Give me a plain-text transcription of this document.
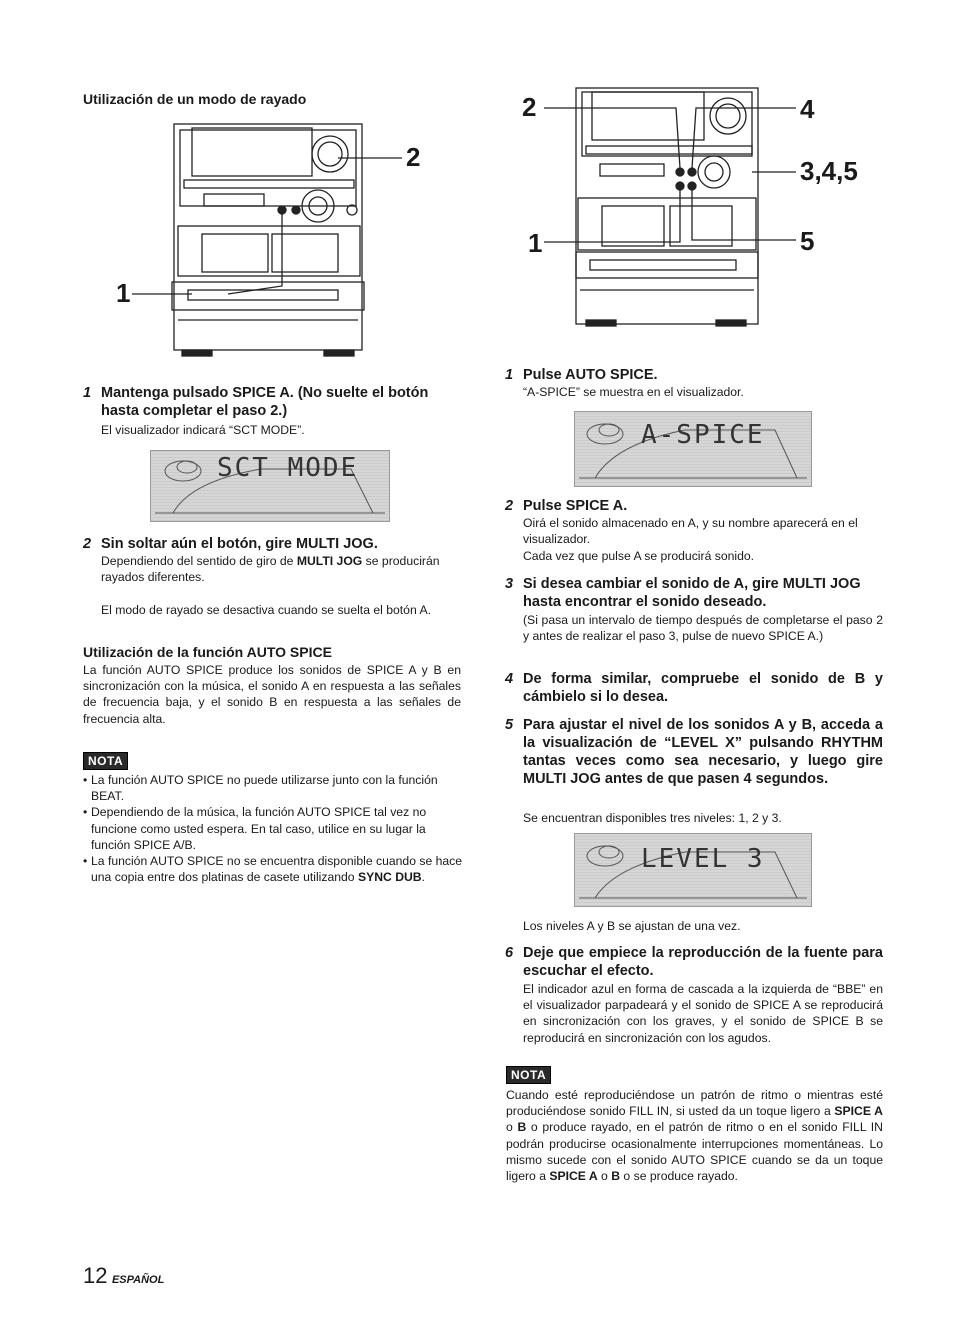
Utilización de un modo de rayado
2
1
1 Mantenga pulsado SPICE A. (No suelte el botón hasta completar el paso 2.)
El visualizador indicará “SCT MODE”.
SCT MODE
2 Sin soltar aún el botón, gire MULTI JOG.
Dependiendo del sentido de giro de MULTI JOG se producirán rayados diferentes.
El modo de rayado se desactiva cuando se suelta el botón A.
Utilización de la función AUTO SPICE
La función AUTO SPICE produce los sonidos de SPICE A y B en sincronización con la música, el sonido A en respuesta a las señales de frecuencia baja, y el sonido B en respuesta a las señales de frecuencia alta.
NOTA
• La función AUTO SPICE no puede utilizarse junto con la función BEAT.
• Dependiendo de la música, la función AUTO SPICE tal vez no funcione como usted espera. En tal caso, utilice en su lugar la función SPICE A/B.
• La función AUTO SPICE no se encuentra disponible cuando se hace una copia entre dos platinas de casete utilizando SYNC DUB.
2	4
3,4,5
1	5
1 Pulse AUTO SPICE.
“A-SPICE” se muestra en el visualizador.
A-SPICE
2 Pulse SPICE A.
Oirá el sonido almacenado en A, y su nombre aparecerá en el visualizador.
Cada vez que pulse A se producirá sonido.
3 Si desea cambiar el sonido de A, gire MULTI JOG hasta encontrar el sonido deseado.
(Si pasa un intervalo de tiempo después de completarse el paso 2 y antes de realizar el paso 3, pulse de nuevo SPICE A.)
4 De forma similar, compruebe el sonido de B y cámbielo si lo desea.
5 Para ajustar el nivel de los sonidos A y B, acceda a la visualización de “LEVEL X” pulsando RHYTHM tantas veces como sea necesario, y luego gire MULTI JOG antes de que pasen 4 segundos.
Se encuentran disponibles tres niveles: 1, 2 y 3.
LEVEL 3
Los niveles A y B se ajustan de una vez.
6 Deje que empiece la reproducción de la fuente para escuchar el efecto.
El indicador azul en forma de cascada a la izquierda de “BBE” en el visualizador parpadeará y el sonido de SPICE A se reproducirá en sincronización con los graves, y el sonido de SPICE B se reproducirá en sincronización con los agudos.
NOTA
Cuando esté reproduciéndose un patrón de ritmo o mientras esté produciéndose sonido FILL IN, si usted da un toque ligero a SPICE A o B o produce rayado, en el patrón de ritmo o en el sonido FILL IN podrán producirse ocasionalmente interrupciones momentáneas. Lo mismo sucede con el sonido AUTO SPICE cuando se da un toque ligero a SPICE A o B o se produce rayado.
12 ESPAÑOL
